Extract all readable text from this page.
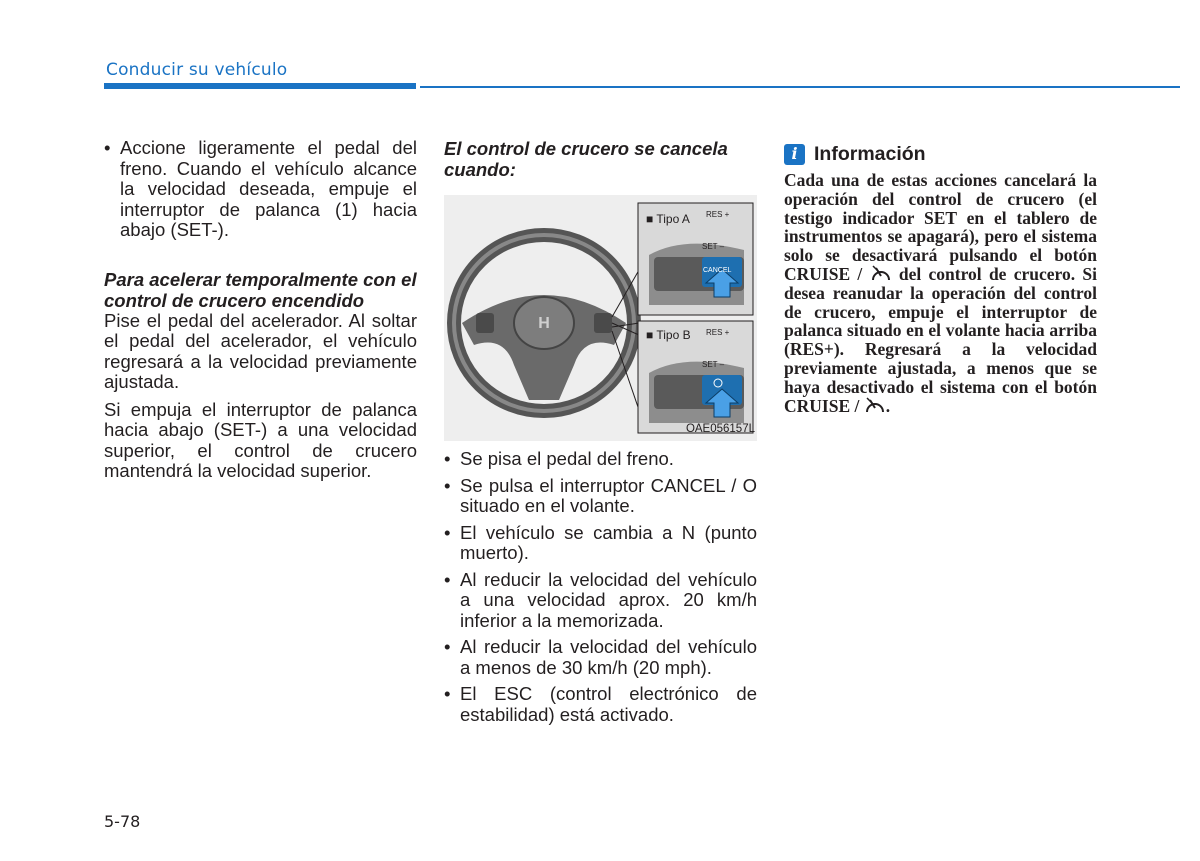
Conducir su vehículo

• Accione ligeramente el pedal del freno. Cuando el vehículo alcance la velocidad deseada, empuje el interruptor de palanca (1) hacia abajo (SET-).

Para acelerar temporalmente con el control de crucero encendido

Pise el pedal del acelerador. Al soltar el pedal del acelerador, el vehículo regresará a la velocidad previamente ajustada.

Si empuja el interruptor de palanca hacia abajo (SET-) a una velocidad superior, el control de crucero mantendrá la velocidad superior.

El control de crucero se cancela cuando:

H
■ Tipo A RES +
SET –
CANCEL
■ Tipo B RES +
SET –
OAE056157L

• Se pisa el pedal del freno.

• Se pulsa el interruptor CANCEL / O situado en el volante.

• El vehículo se cambia a N (punto muerto).

• Al reducir la velocidad del vehículo a una velocidad aprox. 20 km/h inferior a la memorizada.

• Al reducir la velocidad del vehículo a menos de 30 km/h (20 mph).

• El ESC (control electrónico de estabilidad) está activado.

i Información
Cada una de estas acciones cancelará la operación del control de crucero (el testigo indicador SET en el tablero de instrumentos se apagará), pero el sistema solo se desactivará pulsando el botón CRUISE /  del control de crucero. Si desea reanudar la operación del control de crucero, empuje el interruptor de palanca situado en el volante hacia arriba (RES+). Regresará a la velocidad previamente ajustada, a menos que se haya desactivado el sistema con el botón CRUISE / .
5-78
